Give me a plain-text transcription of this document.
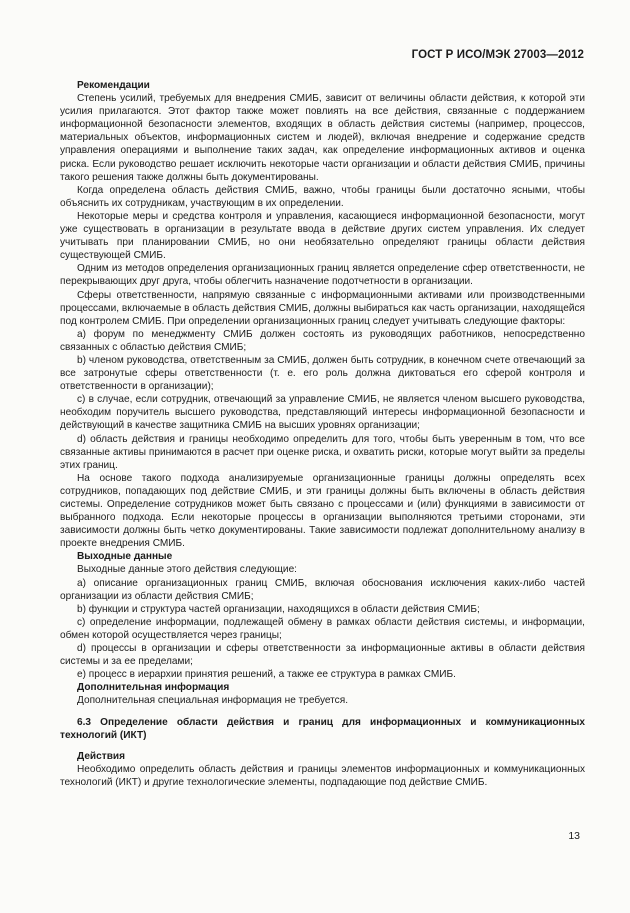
ГОСТ Р ИСО/МЭК 27003—2012

Рекомендации

Степень усилий, требуемых для внедрения СМИБ, зависит от величины области действия, к которой эти усилия прилагаются. Этот фактор также может повлиять на все действия, связанные с поддержанием информационной безопасности элементов, входящих в область действия системы (например, процессов, материальных объектов, информационных систем и людей), включая внедрение и содержание средств управления операциями и выполнение таких задач, как определение информационных активов и оценка риска. Если руководство решает исключить некоторые части организации и области действия СМИБ, причины такого решения также должны быть документированы.

Когда определена область действия СМИБ, важно, чтобы границы были достаточно ясными, чтобы объяснить их сотрудникам, участвующим в их определении.

Некоторые меры и средства контроля и управления, касающиеся информационной безопасности, могут уже существовать в организации в результате ввода в действие других систем управления. Их следует учитывать при планировании СМИБ, но они необязательно определяют границы области действия существующей СМИБ.

Одним из методов определения организационных границ является определение сфер ответственности, не перекрывающих друг друга, чтобы облегчить назначение подотчетности в организации.

Сферы ответственности, напрямую связанные с информационными активами или производственными процессами, включаемые в область действия СМИБ, должны выбираться как часть организации, находящейся под контролем СМИБ. При определении организационных границ следует учитывать следующие факторы:

a) форум по менеджменту СМИБ должен состоять из руководящих работников, непосредственно связанных с областью действия СМИБ;

b) членом руководства, ответственным за СМИБ, должен быть сотрудник, в конечном счете отвечающий за все затронутые сферы ответственности (т. е. его роль должна диктоваться его сферой контроля и ответственности в организации);

c) в случае, если сотрудник, отвечающий за управление СМИБ, не является членом высшего руководства, необходим поручитель высшего руководства, представляющий интересы информационной безопасности и действующий в качестве защитника СМИБ на высших уровнях организации;

d) область действия и границы необходимо определить для того, чтобы быть уверенным в том, что все связанные активы принимаются в расчет при оценке риска, и охватить риски, которые могут выйти за пределы этих границ.

На основе такого подхода анализируемые организационные границы должны определять всех сотрудников, попадающих под действие СМИБ, и эти границы должны быть включены в область действия системы. Определение сотрудников может быть связано с процессами и (или) функциями в зависимости от выбранного подхода. Если некоторые процессы в организации выполняются третьими сторонами, эти зависимости должны быть четко документированы. Такие зависимости подлежат дополнительному анализу в проекте внедрения СМИБ.

Выходные данные

Выходные данные этого действия следующие:

a) описание организационных границ СМИБ, включая обоснования исключения каких-либо частей организации из области действия СМИБ;

b) функции и структура частей организации, находящихся в области действия СМИБ;

c) определение информации, подлежащей обмену в рамках области действия системы, и информации, обмен которой осуществляется через границы;

d) процессы в организации и сферы ответственности за информационные активы в области действия системы и за ее пределами;

e) процесс в иерархии принятия решений, а также ее структура в рамках СМИБ.

Дополнительная информация

Дополнительная специальная информация не требуется.

6.3 Определение области действия и границ для информационных и коммуникационных технологий (ИКТ)

Действия

Необходимо определить область действия и границы элементов информационных и коммуникационных технологий (ИКТ) и другие технологические элементы, подпадающие под действие СМИБ.

13
